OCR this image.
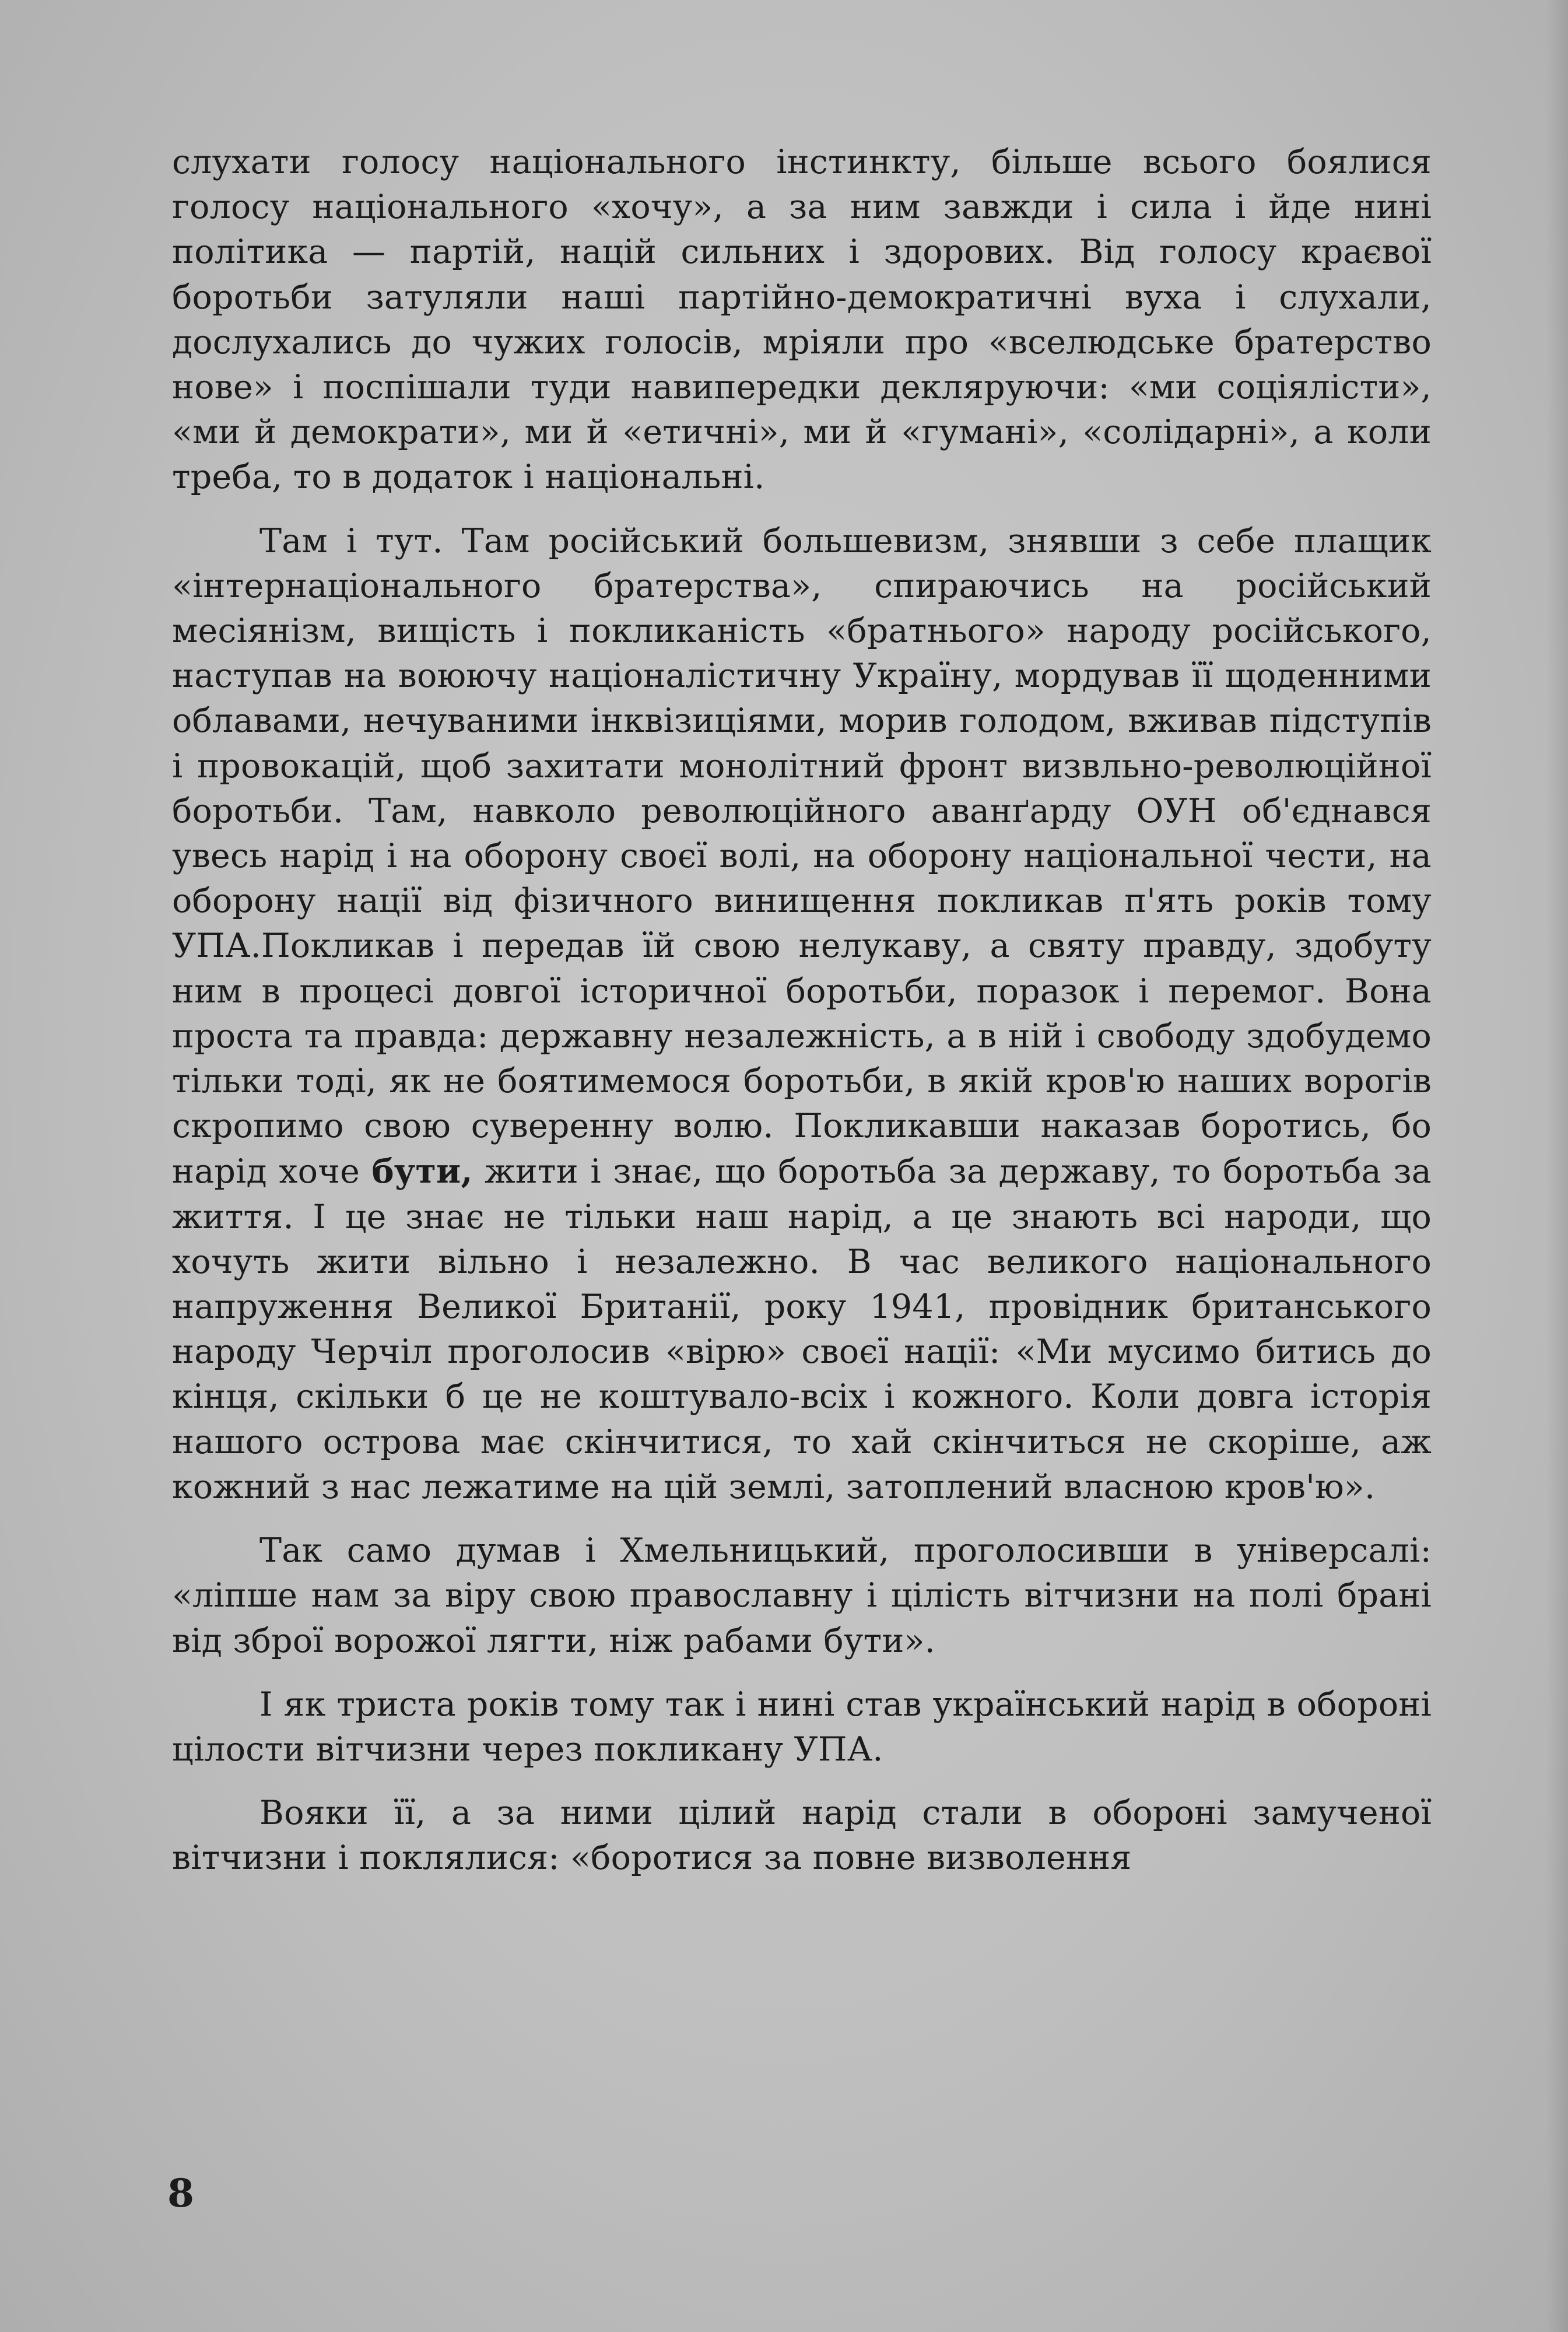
слухати голосу національного інстинкту, більше всього боялися голосу національного «хочу», а за ним завжди і сила і йде нині політика — партій, націй сильних і здорових. Від голосу краєвої боротьби затуляли наші партійно-демократичні вуха і слухали, дослухались до чужих голосів, мріяли про «вселюдське братерство нове» і поспішали туди навипередки декляруючи: «ми соціялісти», «ми й демократи», ми й «етичні», ми й «гумані», «солідарні», а коли треба, то в додаток і національні.

Там і тут. Там російський большевизм, знявши з себе плащик «інтернаціонального братерства», спираючись на російський месіянізм, вищість і покликаність «братнього» народу російського, наступав на воюючу націоналістичну Україну, мордував її щоденними облавами, нечуваними інквізиціями, морив голодом, вживав підступів і провокацій, щоб захитати монолітний фронт визвльно-революційної боротьби. Там, навколо революційного аванґарду ОУН об'єднався увесь нарід і на оборону своєї волі, на оборону національної чести, на оборону нації від фізичного винищення покликав п'ять років тому УПА.Покликав і передав їй свою нелукаву, а святу правду, здобуту ним в процесі довгої історичної боротьби, поразок і перемог. Вона проста та правда: державну незалежність, а в ній і свободу здобудемо тільки тоді, як не боятимемося боротьби, в якій кров'ю наших ворогів скропимо свою суверенну волю. Покликавши наказав боротись, бо нарід хоче бути, жити і знає, що боротьба за державу, то боротьба за життя. І це знає не тільки наш нарід, а це знають всі народи, що хочуть жити вільно і незалежно. В час великого національного напруження Великої Британії, року 1941, провідник британського народу Черчіл проголосив «вірю» своєї нації: «Ми мусимо битись до кінця, скільки б це не коштувало-всіх і кожного. Коли довга історія нашого острова має скінчитися, то хай скінчиться не скоріше, аж кожний з нас лежатиме на цій землі, затоплений власною кров'ю».

Так само думав і Хмельницький, проголосивши в універсалі: «ліпше нам за віру свою православну і цілість вітчизни на полі брані від зброї ворожої лягти, ніж рабами бути».

І як триста років тому так і нині став український нарід в обороні цілости вітчизни через покликану УПА.

Вояки її, а за ними цілий нарід стали в обороні замученої вітчизни і поклялися: «боротися за повне визволення

8
